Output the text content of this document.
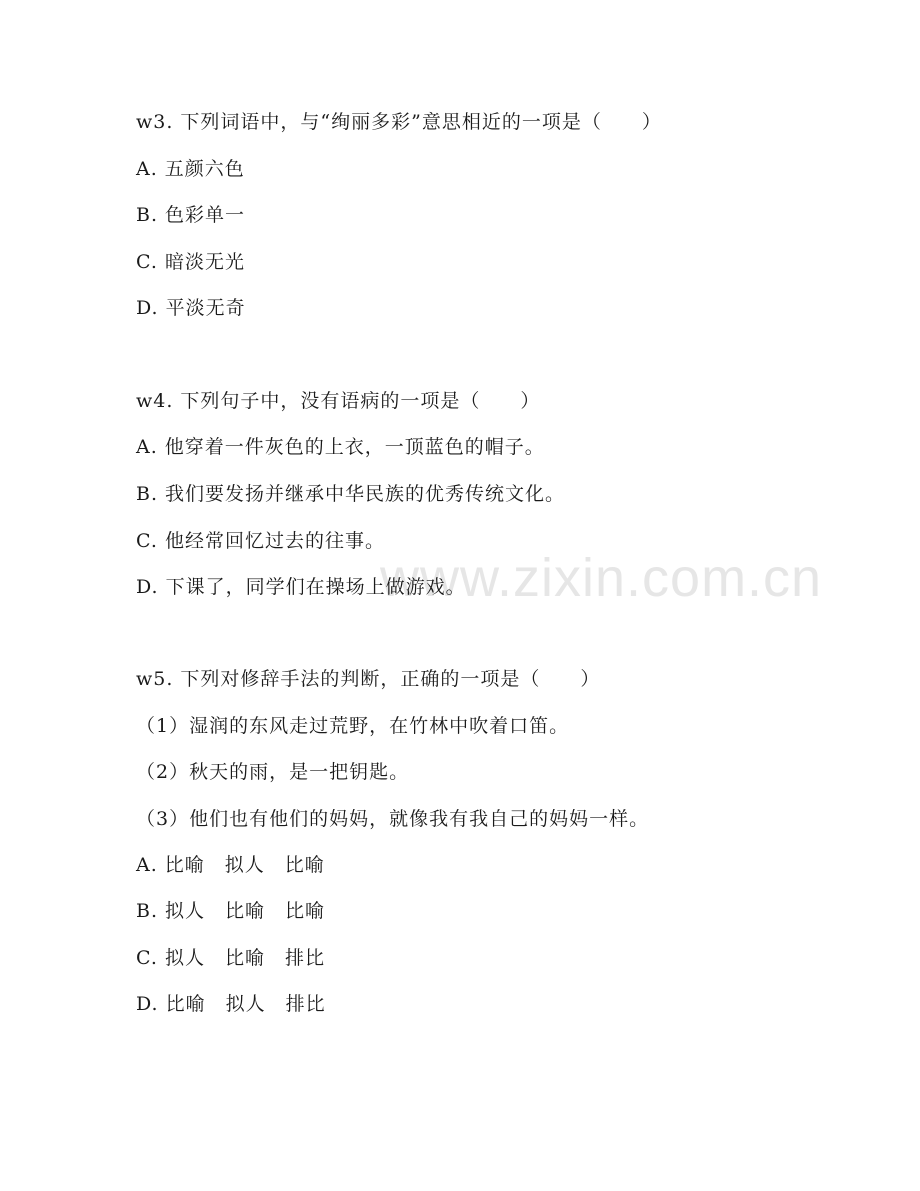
www.zixin.com.cn
w3. 下列词语中，与“绚丽多彩”意思相近的一项是（　　）
A. 五颜六色
B. 色彩单一
C. 暗淡无光
D. 平淡无奇
w4. 下列句子中，没有语病的一项是（　　）
A. 他穿着一件灰色的上衣，一顶蓝色的帽子。
B. 我们要发扬并继承中华民族的优秀传统文化。
C. 他经常回忆过去的往事。
D. 下课了，同学们在操场上做游戏。
w5. 下列对修辞手法的判断，正确的一项是（　　）
（1）湿润的东风走过荒野，在竹林中吹着口笛。
（2）秋天的雨，是一把钥匙。
（3）他们也有他们的妈妈，就像我有我自己的妈妈一样。
A. 比喻　拟人　比喻
B. 拟人　比喻　比喻
C. 拟人　比喻　排比
D. 比喻　拟人　排比
